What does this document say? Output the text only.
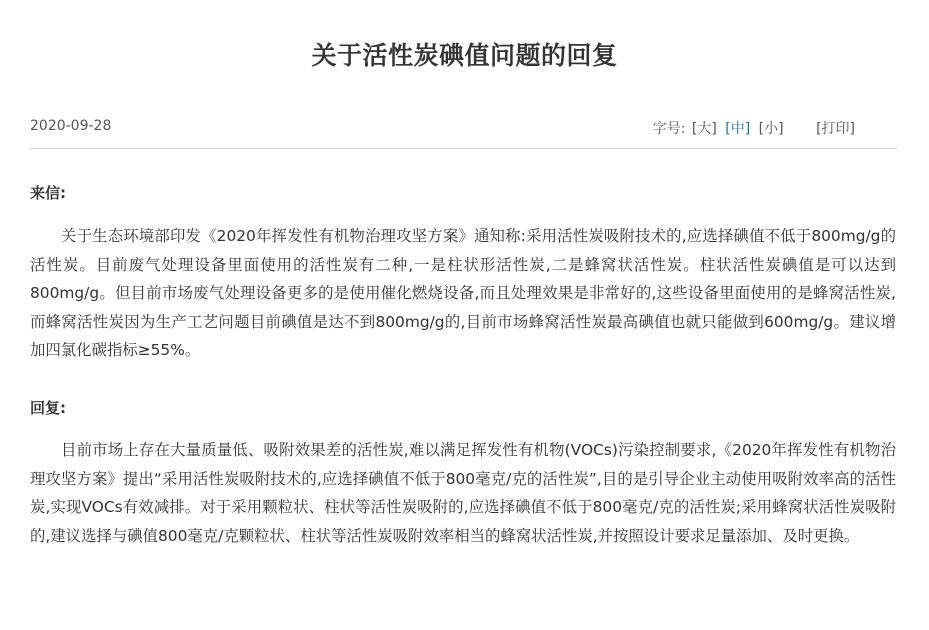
关于活性炭碘值问题的回复
2020-09-28	字号: [大] [中] [小] [打印]
来信:

关于生态环境部印发《2020年挥发性有机物治理攻坚方案》通知称:采用活性炭吸附技术的,应选择碘值不低于800mg/g的活性炭。目前废气处理设备里面使用的活性炭有二种,一是柱状形活性炭,二是蜂窝状活性炭。柱状活性炭碘值是可以达到800mg/g。但目前市场废气处理设备更多的是使用催化燃烧设备,而且处理效果是非常好的,这些设备里面使用的是蜂窝活性炭,而蜂窝活性炭因为生产工艺问题目前碘值是达不到800mg/g的,目前市场蜂窝活性炭最高碘值也就只能做到600mg/g。建议增加四氯化碳指标≥55%。

回复:

目前市场上存在大量质量低、吸附效果差的活性炭,难以满足挥发性有机物(VOCs)污染控制要求,《2020年挥发性有机物治理攻坚方案》提出“采用活性炭吸附技术的,应选择碘值不低于800毫克/克的活性炭”,目的是引导企业主动使用吸附效率高的活性炭,实现VOCs有效减排。对于采用颗粒状、柱状等活性炭吸附的,应选择碘值不低于800毫克/克的活性炭;采用蜂窝状活性炭吸附的,建议选择与碘值800毫克/克颗粒状、柱状等活性炭吸附效率相当的蜂窝状活性炭,并按照设计要求足量添加、及时更换。
